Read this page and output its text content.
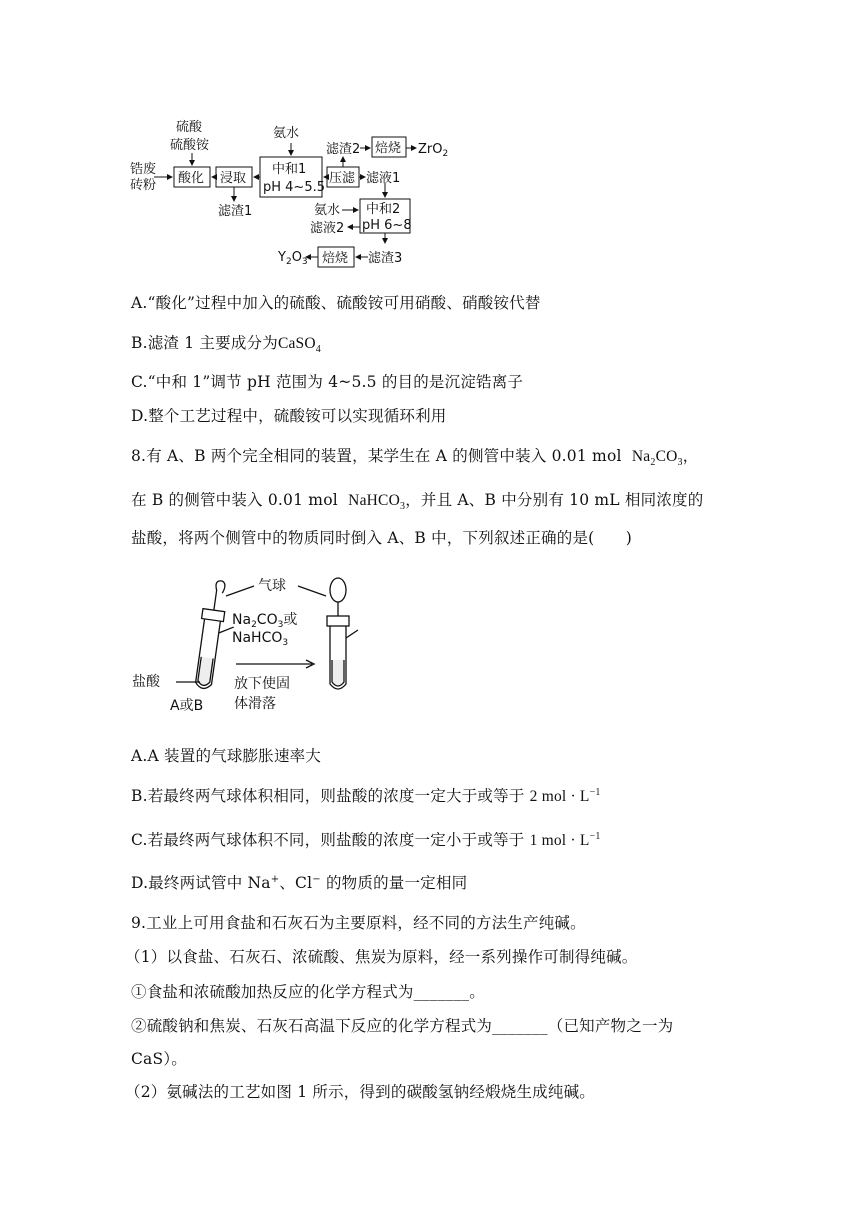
硫酸
硫酸铵
锆废
砖粉 酸化 浸取
滤渣1
氨水
中和1
pH 4~5.5
压滤
滤渣2 焙烧 ZrO$_2$
滤液1
氨水
滤液2
中和2
pH 6~8
滤渣3
焙烧
$Y_2O_3$
A.“酸化”过程中加入的硫酸、硫酸铵可用硝酸、硝酸铵代替
B.滤渣 1 主要成分为CaSO$_4$
C.“中和 1”调节 pH 范围为 4~5.5 的目的是沉淀锆离子
D.整个工艺过程中，硫酸铵可以实现循环利用
8.有 A、B 两个完全相同的装置，某学生在 A 的侧管中装入 0.01 mol $Na_2CO_3$，
在 B 的侧管中装入 0.01 mol NaHCO$_3$，并且 A、B 中分别有 10 mL 相同浓度的
盐酸，将两个侧管中的物质同时倒入 A、B 中，下列叙述正确的是(　　)
气球
$Na_2CO_3$或
NaHCO$_3$
盐酸
A或B
放下使固
体滑落
A.A 装置的气球膨胀速率大
B.若最终两气球体积相同，则盐酸的浓度一定大于或等于 2 mol · $L^{-1}$
C.若最终两气球体积不同，则盐酸的浓度一定小于或等于 1 mol · $L^{-1}$
D.最终两试管中 Na+、Cl− 的物质的量一定相同
9.工业上可用食盐和石灰石为主要原料，经不同的方法生产纯碱。
（1）以食盐、石灰石、浓硫酸、焦炭为原料，经一系列操作可制得纯碱。
①食盐和浓硫酸加热反应的化学方程式为_______。
②硫酸钠和焦炭、石灰石高温下反应的化学方程式为_______（已知产物之一为
CaS）。
（2）氨碱法的工艺如图 1 所示，得到的碳酸氢钠经煅烧生成纯碱。
